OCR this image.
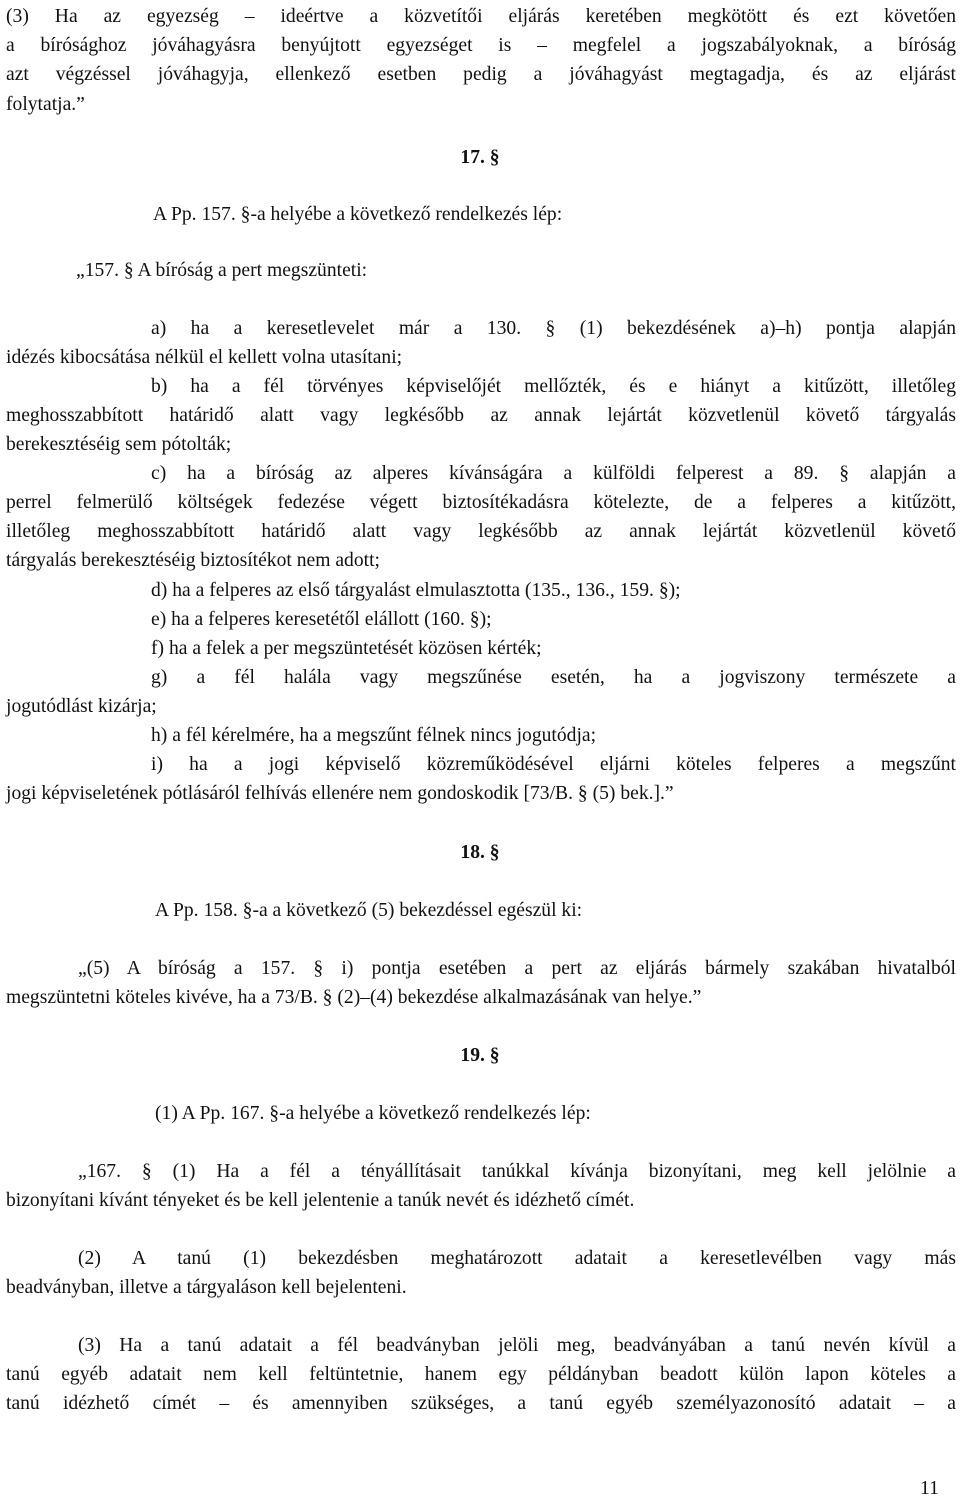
(3) Ha az egyezség – ideértve a közvetítői eljárás keretében megkötött és ezt követően
a bírósághoz jóváhagyásra benyújtott egyezséget is – megfelel a jogszabályoknak, a bíróság
azt végzéssel jóváhagyja, ellenkező esetben pedig a jóváhagyást megtagadja, és az eljárást
folytatja.”
17. §
A Pp. 157. §-a helyébe a következő rendelkezés lép:
„157. § A bíróság a pert megszünteti:
a) ha a keresetlevelet már a 130. § (1) bekezdésének a)–h) pontja alapján
idézés kibocsátása nélkül el kellett volna utasítani;
b) ha a fél törvényes képviselőjét mellőzték, és e hiányt a kitűzött, illetőleg
meghosszabbított határidő alatt vagy legkésőbb az annak lejártát közvetlenül követő tárgyalás
berekesztéséig sem pótolták;
c) ha a bíróság az alperes kívánságára a külföldi felperest a 89. § alapján a
perrel felmerülő költségek fedezése végett biztosítékadásra kötelezte, de a felperes a kitűzött,
illetőleg meghosszabbított határidő alatt vagy legkésőbb az annak lejártát közvetlenül követő
tárgyalás berekesztéséig biztosítékot nem adott;
d) ha a felperes az első tárgyalást elmulasztotta (135., 136., 159. §);
e) ha a felperes keresetétől elállott (160. §);
f) ha a felek a per megszüntetését közösen kérték;
g) a fél halála vagy megszűnése esetén, ha a jogviszony természete a
jogutódlást kizárja;
h) a fél kérelmére, ha a megszűnt félnek nincs jogutódja;
i) ha a jogi képviselő közreműködésével eljárni köteles felperes a megszűnt
jogi képviseletének pótlásáról felhívás ellenére nem gondoskodik [73/B. § (5) bek.].”
18. §
A Pp. 158. §-a a következő (5) bekezdéssel egészül ki:
„(5) A bíróság a 157. § i) pontja esetében a pert az eljárás bármely szakában hivatalból
megszüntetni köteles kivéve, ha a 73/B. § (2)–(4) bekezdése alkalmazásának van helye.”
19. §
(1) A Pp. 167. §-a helyébe a következő rendelkezés lép:
„167. § (1) Ha a fél a tényállításait tanúkkal kívánja bizonyítani, meg kell jelölnie a
bizonyítani kívánt tényeket és be kell jelentenie a tanúk nevét és idézhető címét.
(2) A tanú (1) bekezdésben meghatározott adatait a keresetlevélben vagy más
beadványban, illetve a tárgyaláson kell bejelenteni.
(3) Ha a tanú adatait a fél beadványban jelöli meg, beadványában a tanú nevén kívül a
tanú egyéb adatait nem kell feltüntetnie, hanem egy példányban beadott külön lapon köteles a
tanú idézhető címét – és amennyiben szükséges, a tanú egyéb személyazonosító adatait – a
11
